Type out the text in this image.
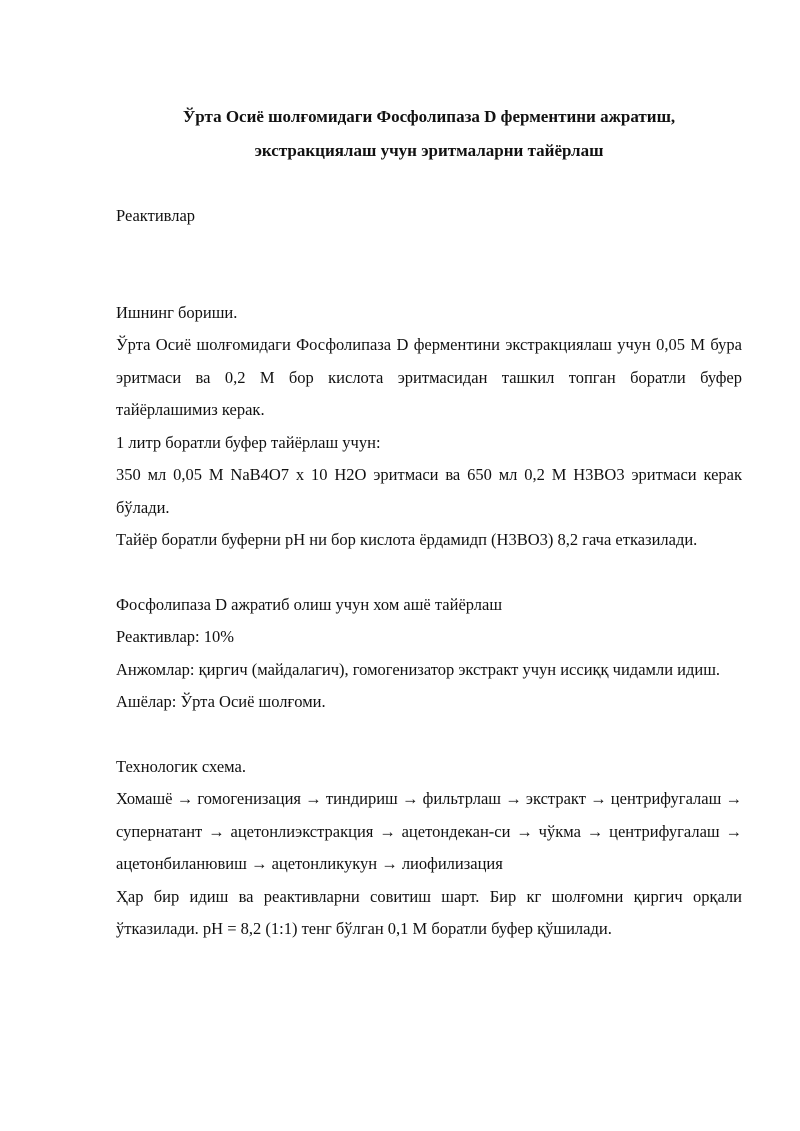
Ўрта Осиё шолғомидаги Фосфолипаза D ферментини ажратиш,
экстракциялаш учун эритмаларни тайёрлаш

Реактивлар

Ишнинг бориши.

Ўрта Осиё шолғомидаги Фосфолипаза D ферментини экстракциялаш учун 0,05 М бура эритмаси ва 0,2 М бор кислота эритмасидан ташкил топган боратли буфер тайёрлашимиз керак.

1 литр боратли буфер тайёрлаш учун:

350 мл 0,05 М NaB4O7 x 10 H2O эритмаси ва 650 мл 0,2 М H3BO3 эритмаси керак бўлади.

Тайёр боратли буферни pH ни бор кислота ёрдамидп (H3BO3) 8,2 гача етказилади.

Фосфолипаза D ажратиб олиш учун хом ашё тайёрлаш

Реактивлар: 10%

Анжомлар: қиргич (майдалагич), гомогенизатор экстракт учун иссиққ чидамли идиш.

Ашёлар: Ўрта Осиё шолғоми.

Технологик схема.

Хомашё → гомогенизация → тиндириш → фильтрлаш → экстракт → центрифугалаш → супернатант → ацетонлиэкстракция → ацетондекан-си → чўкма → центрифугалаш → ацетонбиланювиш → ацетонликукун → лиофилизация

Ҳар бир идиш ва реактивларни совитиш шарт. Бир кг шолғомни қиргич орқали ўтказилади. pH = 8,2 (1:1) тенг бўлган 0,1 М боратли буфер қўшилади.
